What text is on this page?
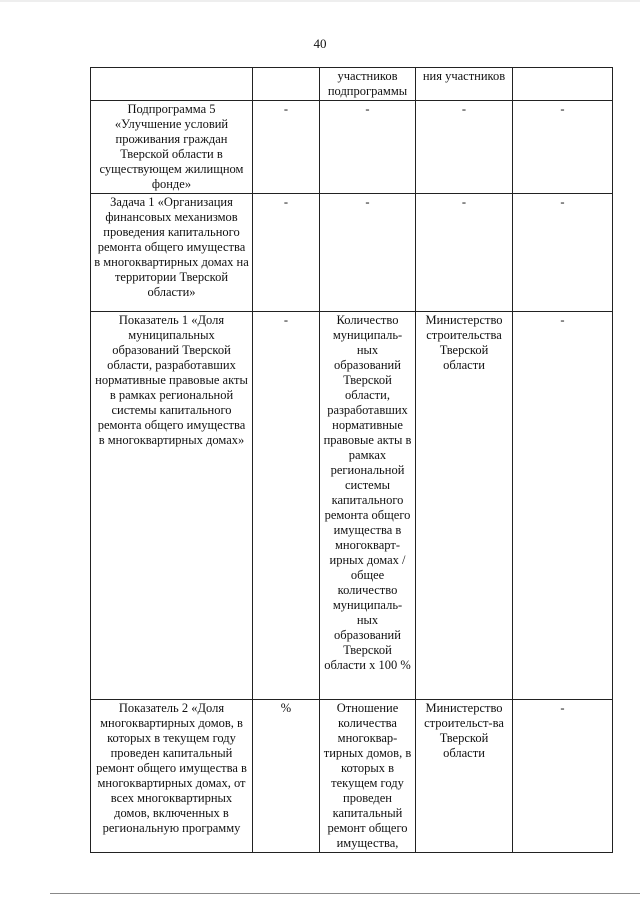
40
		участников подпрограммы	ния участников	
Подпрограмма 5 «Улучшение условий проживания граждан Тверской области в существующем жилищном фонде»	-	-	-	-
Задача 1 «Организация финансовых механизмов проведения капитального ремонта общего имущества в многоквартирных домах на территории Тверской области»	-	-	-	-
Показатель 1 «Доля муниципальных образований Тверской области, разработавших нормативные правовые акты в рамках региональной системы капитального ремонта общего имущества в многоквартирных домах»	-	Количество муниципаль-ных образований Тверской области, разработавших нормативные правовые акты в рамках региональной системы капитального ремонта общего имущества в многокварт-ирных домах / общее количество муниципаль-ных образований Тверской области х 100 %	Министерство строительства Тверской области	-
Показатель 2 «Доля многоквартирных домов, в которых в текущем году проведен капитальный ремонт общего имущества в многоквартирных домах, от всех многоквартирных домов, включенных в региональную программу	%	Отношение количества многоквар-тирных домов, в которых в текущем году проведен капитальный ремонт общего имущества,	Министерство строительст-ва Тверской области	-
